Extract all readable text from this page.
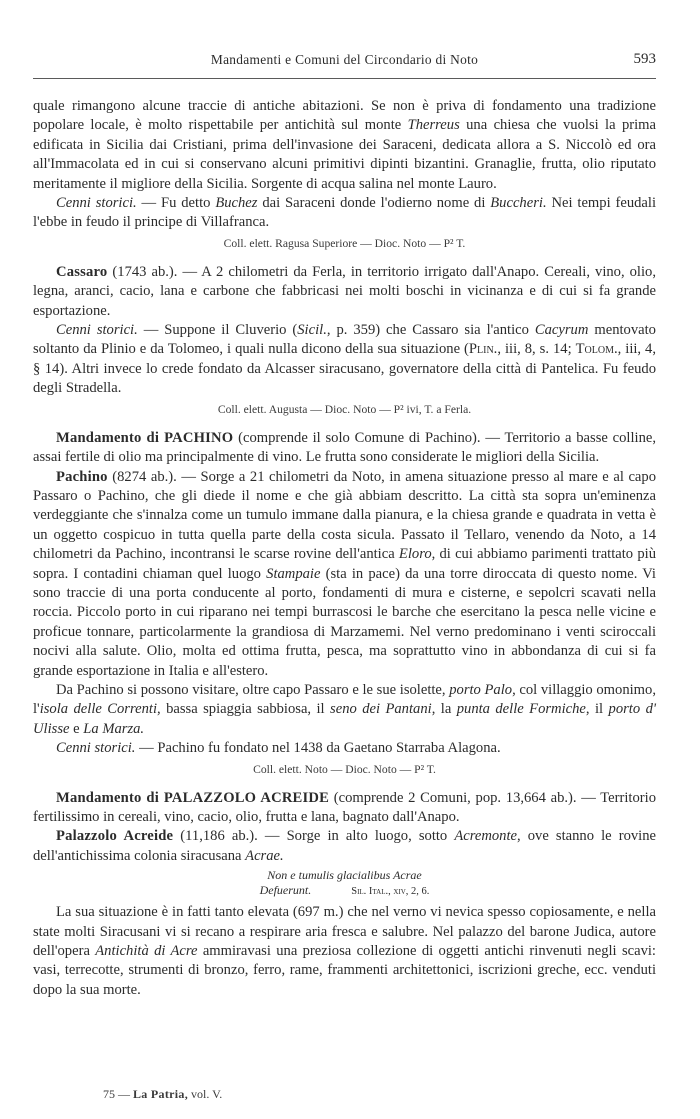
Mandamenti e Comuni del Circondario di Noto	593

quale rimangono alcune traccie di antiche abitazioni. Se non è priva di fondamento una tradizione popolare locale, è molto rispettabile per antichità sul monte Therreus una chiesa che vuolsi la prima edificata in Sicilia dai Cristiani, prima dell'invasione dei Saraceni, dedicata allora a S. Niccolò ed ora all'Immacolata ed in cui si conservano alcuni primitivi dipinti bizantini. Granaglie, frutta, olio riputato meritamente il migliore della Sicilia. Sorgente di acqua salina nel monte Lauro.

Cenni storici. — Fu detto Buchez dai Saraceni donde l'odierno nome di Buccheri. Nei tempi feudali l'ebbe in feudo il principe di Villafranca.

Coll. elett. Ragusa Superiore — Dioc. Noto — P² T.

Cassaro (1743 ab.). — A 2 chilometri da Ferla, in territorio irrigato dall'Anapo. Cereali, vino, olio, legna, aranci, cacio, lana e carbone che fabbricasi nei molti boschi in vicinanza e di cui si fa grande esportazione.

Cenni storici. — Suppone il Cluverio (Sicil., p. 359) che Cassaro sia l'antico Cacyrum mentovato soltanto da Plinio e da Tolomeo, i quali nulla dicono della sua situazione (Plin., iii, 8, s. 14; Tolom., iii, 4, § 14). Altri invece lo crede fondato da Alcasser siracusano, governatore della città di Pantelica. Fu feudo degli Stradella.

Coll. elett. Augusta — Dioc. Noto — P² ivi, T. a Ferla.

Mandamento di PACHINO (comprende il solo Comune di Pachino). — Territorio a basse colline, assai fertile di olio ma principalmente di vino. Le frutta sono considerate le migliori della Sicilia.

Pachino (8274 ab.). — Sorge a 21 chilometri da Noto, in amena situazione presso al mare e al capo Passaro o Pachino, che gli diede il nome e che già abbiam descritto. La città sta sopra un'eminenza verdeggiante che s'innalza come un tumulo immane dalla pianura, e la chiesa grande e quadrata in vetta è un oggetto cospicuo in tutta quella parte della costa sicula. Passato il Tellaro, venendo da Noto, a 14 chilometri da Pachino, incontransi le scarse rovine dell'antica Eloro, di cui abbiamo parimenti trattato più sopra. I contadini chiaman quel luogo Stampaie (sta in pace) da una torre diroccata di questo nome. Vi sono traccie di una porta conducente al porto, fondamenti di mura e cisterne, e sepolcri scavati nella roccia. Piccolo porto in cui riparano nei tempi burrascosi le barche che esercitano la pesca nelle vicine e proficue tonnare, particolarmente la grandiosa di Marzamemi. Nel verno predominano i venti sciroccali nocivi alla salute. Olio, molta ed ottima frutta, pesca, ma soprattutto vino in abbondanza di cui si fa grande esportazione in Italia e all'estero.

Da Pachino si possono visitare, oltre capo Passaro e le sue isolette, porto Palo, col villaggio omonimo, l'isola delle Correnti, bassa spiaggia sabbiosa, il seno dei Pantani, la punta delle Formiche, il porto d' Ulisse e La Marza.

Cenni storici. — Pachino fu fondato nel 1438 da Gaetano Starraba Alagona.

Coll. elett. Noto — Dioc. Noto — P² T.

Mandamento di PALAZZOLO ACREIDE (comprende 2 Comuni, pop. 13,664 ab.). — Territorio fertilissimo in cereali, vino, cacio, olio, frutta e lana, bagnato dall'Anapo.

Palazzolo Acreide (11,186 ab.). — Sorge in alto luogo, sotto Acremonte, ove stanno le rovine dell'antichissima colonia siracusana Acrae.

Non e tumulis glacialibus Acrae
Defuerunt.	Sil. Ital., xiv, 2, 6.

La sua situazione è in fatti tanto elevata (697 m.) che nel verno vi nevica spesso copiosamente, e nella state molti Siracusani vi si recano a respirare aria fresca e salubre. Nel palazzo del barone Judica, autore dell'opera Antichità di Acre ammiravasi una preziosa collezione di oggetti antichi rinvenuti negli scavi: vasi, terrecotte, strumenti di bronzo, ferro, rame, frammenti architettonici, iscrizioni greche, ecc. venduti dopo la sua morte.

75 — La Patria, vol. V.
